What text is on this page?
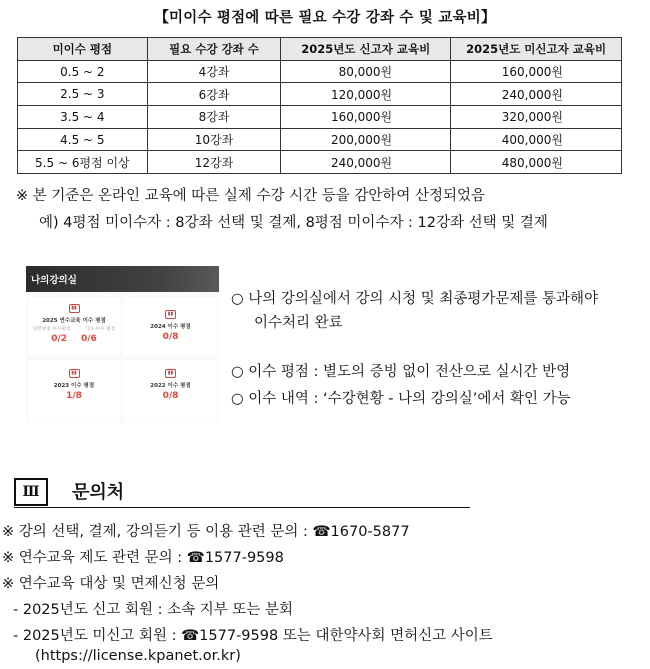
【미이수 평점에 따른 필요 수강 강좌 수 및 교육비】
미이수 평점	필요 수강 강좌 수	2025년도 신고자 교육비	2025년도 미신고자 교육비
0.5 ~ 2	4강좌	80,000원	160,000원
2.5 ~ 3	6강좌	120,000원	240,000원
3.5 ~ 4	8강좌	160,000원	320,000원
4.5 ~ 5	10강좌	200,000원	400,000원
5.5 ~ 6평점 이상	12강좌	240,000원	480,000원
※ 본 기준은 온라인 교육에 따른 실제 수강 시간 등을 감안하여 산정되었음
예) 4평점 미이수자 : 8강좌 선택 및 결제, 8평점 미이수자 : 12강좌 선택 및 결제
나의강의실
▮▮
2025 연수교육 이수 평점
일반평점 이수평점	기타 이수 평점
0/2 0/6
▮▮
2024 이수 평점
0/8
▮▮
2023 이수 평점
1/8
▮▮
2022 이수 평점
0/8
○ 나의 강의실에서 강의 시청 및 최종평가문제를 통과해야
이수처리 완료
○ 이수 평점 : 별도의 증빙 없이 전산으로 실시간 반영
○ 이수 내역 : ‘수강현황 - 나의 강의실’에서 확인 가능
Ⅲ	문의처
※ 강의 선택, 결제, 강의듣기 등 이용 관련 문의 : ☎1670-5877
※ 연수교육 제도 관련 문의 : ☎1577-9598
※ 연수교육 대상 및 면제신청 문의
- 2025년도 신고 회원 : 소속 지부 또는 분회
- 2025년도 미신고 회원 : ☎1577-9598 또는 대한약사회 면허신고 사이트
(https://license.kpanet.or.kr)
